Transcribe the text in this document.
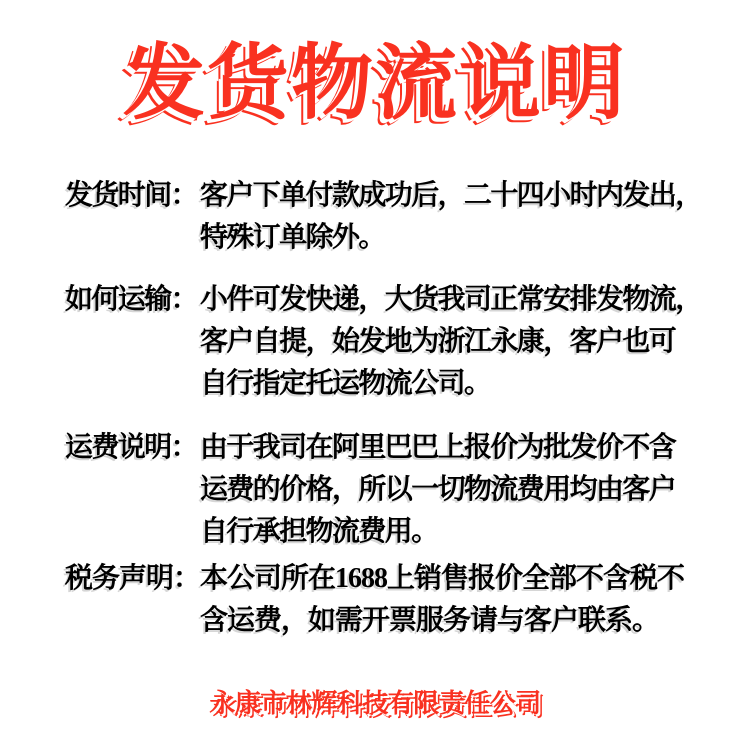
发货物流说明
发货时间： 客户下单付款成功后，二十四小时内发出，
特殊订单除外。
如何运输： 小件可发快递，大货我司正常安排发物流，
客户自提，始发地为浙江永康，客户也可
自行指定托运物流公司。
运费说明： 由于我司在阿里巴巴上报价为批发价不含
运费的价格，所以一切物流费用均由客户
自行承担物流费用。
税务声明： 本公司所在1688上销售报价全部不含税不
含运费，如需开票服务请与客户联系。
永康市林辉科技有限责任公司
